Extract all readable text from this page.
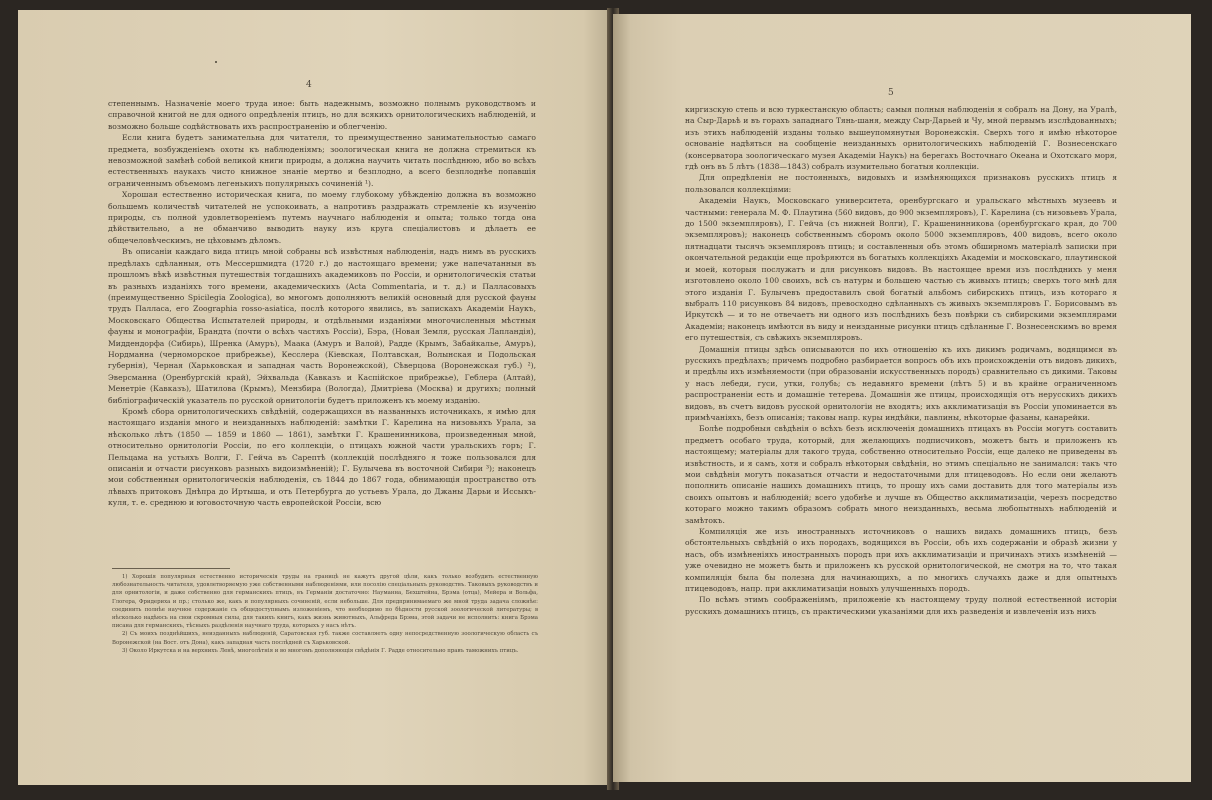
4

степеннымъ. Назначеніе моего труда иное: быть надежнымъ, возможно полнымъ руководствомъ и справочной книгой не для одного опредѣленія птицъ, но для всякихъ орнитологическихъ наблюденій, и возможно больше содѣйствовать ихъ распространенію и облегченію.

Если книга будетъ занимательна для читателя, то преимущественно занимательностью самаго предмета, возбужденіемъ охоты къ наблюденіямъ; зоологическая книга не должна стремиться къ невозможной замѣнѣ собой великой книги природы, а должна научить читать послѣднюю, ибо во всѣхъ естественныхъ наукахъ чисто книжное знаніе мертво и безплодно, а всего безплоднѣе попавшія ограниченнымъ объемомъ легенькихъ популярныхъ сочиненій ¹).

Хорошая естественно историческая книга, по моему глубокому убѣжденію должна въ возможно большемъ количествѣ читателей не успокоивать, а напротивъ раздражать стремленіе къ изученію природы, съ полной удовлетвореніемъ путемъ научнаго наблюденія и опыта; только тогда она дѣйствительно, а не обманчиво выводить науку изъ круга спеціалистовъ и дѣлаетъ ее общечеловѣческимъ, не цѣховымъ дѣломъ.

Въ описаніи каждаго вида птицъ мной собраны всѣ извѣстныя наблюденія, надъ нимъ въ русскихъ предѣлахъ сдѣланныя, отъ Мессершмидта (1720 г.) до настоящаго времени; уже напечатанныя въ прошломъ вѣкѣ извѣстныя путешествія тогдашнихъ академиковъ по Россіи, и орнитологическія статьи въ разныхъ изданіяхъ того времени, академическихъ (Acta Commentaria, и т. д.) и Палласовыхъ (преимущественно Spicilegia Zoologica), во многомъ дополняютъ великій основный для русской фауны трудъ Палласа, его Zoographia rosso-asiatica, послѣ которого явились, въ запискахъ Академіи Наукъ, Московскаго Общества Испытателей природы, и отдѣльными изданіями многочисленныя мѣстныя фауны и монографіи, Брандта (почти о всѣхъ частяхъ Россіи), Бэра, (Новая Земля, русская Лапландія), Миддендорфа (Сибирь), Шренка (Амуръ), Маака (Амуръ и Валой), Радде (Крымъ, Забайкалье, Амуръ), Нордманна (черноморское прибрежье), Кесслера (Кіевская, Полтавская, Волынская и Подольская губернія), Черная (Харьковская и западная часть Воронежской), Сѣверцова (Воронежская губ.) ²), Эверсманна (Оренбургскій край), Эйхвальда (Кавказъ и Каспійское прибрежье), Геблера (Алтай), Менетріе (Кавказъ), Шатилова (Крымъ), Мензбира (Вологда), Дмитріева (Москва) и другихъ; полный библіографическій указатель по русской орнитологіи будетъ приложенъ къ моему изданію.

Кромѣ сбора орнитологическихъ свѣдѣній, содержащихся въ названныхъ источникахъ, я имѣю для настоящаго изданія много и неизданныхъ наблюденій: замѣтки Г. Карелина на низовьяхъ Урала, за нѣсколько лѣтъ (1850 — 1859 и 1860 — 1861), замѣтки Г. Крашенинникова, произведенныя мной, относительно орнитологіи Россіи, по его коллекціи, о птицахъ южной части уральскихъ горъ; Г. Пельцама на устьяхъ Волги, Г. Гейча въ Сарептѣ (коллекцій послѣдняго я тоже пользовался для описанія и отчасти рисунковъ разныхъ видоизмѣненій); Г. Булычева въ восточной Сибири ³); наконецъ мои собственныя орнитологическія наблюденія, съ 1844 до 1867 года, обнимающія пространство отъ лѣвыхъ притоковъ Днѣпра до Иртыша, и отъ Петербурга до устьевъ Урала, до Джаны Дарьи и Иссыкъ-куля, т. е. среднюю и юговосточную часть европейской Россіи, всю

1) Хорошія популярныя естественно историческія труды на границѣ не кажутъ другой цѣли, какъ только возбудить естественную любознательность читателя, удовлетворяемую уже собственными наблюденіями, или посолію спеціальныхъ руководствъ. Таковыхъ руководствъ и для орнитологіи, и даже собственно для германскихъ птицъ, въ Германіи достаточно: Науманна, Бехштейна, Брэма (отца), Мейера и Вольфа, Глогера, Фридериха и пр.; столько же, какъ и популярныхъ сочиненій, если небольше. Для предпринимаемаго же мной труда задача сложнѣе: соединить полнѣе научное содержаніе съ общедоступнымъ изложеніемъ, что необходимо по бѣдности русской зоологической литературы; в нѣсколько надѣюсь на свои скромныя силы, для такихъ книгъ, какъ жизнь животныхъ, Альфреда Брэма, этой задачи не исполнить: книга Брэма писана для германскихъ, тѣсныхъ раздѣленія научнаго труда, которыхъ у насъ нѣтъ.

2) Съ моихъ позднѣйшихъ, неизданныхъ наблюденій, Саратовская губ. также составляетъ одну непосредственную зоологическую область съ Воронежской (на Вост. отъ Дона), какъ западная часть послѣдней съ Харьковской.

3) Около Иркутска и на верхнихъ Ленѣ, многолѣтнія и во многомъ дополняющія свѣдѣнія Г. Радде относительно правъ таможнихъ птицъ.

5

киргизскую степь и всю туркестанскую область; самыя полныя наблюденія я собралъ на Дону, на Уралѣ, на Сыр-Дарьѣ и въ горахъ западнаго Тянь-шаня, между Сыр-Дарьей и Чу, мной первымъ изслѣдованныхъ; изъ этихъ наблюденій изданы только вышеупомянутыя Воронежскія. Сверхъ того я имѣю нѣкоторое основаніе надѣяться на сообщеніе неизданныхъ орнитологическихъ наблюденій Г. Вознесенскаго (консерватора зоологическаго музея Академіи Наукъ) на берегахъ Восточнаго Океана и Охотскаго моря, гдѣ онъ въ 5 лѣтъ (1838—1843) собралъ изумительно богатыя коллекціи.

Для опредѣленія не постоянныхъ, видовыхъ и измѣняющихся признаковъ русскихъ птицъ я пользовался коллекціями:

Академіи Наукъ, Московскаго университета, оренбургскаго и уральскаго мѣстныхъ музеевъ и частными: генерала М. Ф. Плаутина (560 видовъ, до 900 экземпляровъ), Г. Карелина (съ низовьевъ Урала, до 1500 экземпляровъ), Г. Гейча (съ нижней Волги), Г. Крашенинникова (оренбургскаго края, до 700 экземпляровъ); наконецъ собственнымъ сборомъ около 5000 экземпляровъ, 400 видовъ, всего около пятнадцати тысячъ экземпляровъ птицъ; и составленныя объ этомъ обширномъ матеріалѣ записки при окончательной редакціи еще проѣряются въ богатыхъ коллекціяхъ Академіи и московскаго, плаутинской и моей, которыя послужатъ и для рисунковъ видовъ. Въ настоящее время изъ послѣднихъ у меня изготовлено около 100 своихъ, всѣ съ натуры и большею частью съ живыхъ птицъ; сверхъ того мнѣ для этого изданія Г. Булычевъ предоставилъ свой богатый альбомъ сибирскихъ птицъ, изъ котораго я выбралъ 110 рисунковъ 84 видовъ, превосходно сдѣланныхъ съ живыхъ экземпляровъ Г. Борисовымъ въ Иркутскѣ — и то не отвечаетъ ни одного изъ послѣднихъ безъ повѣрки съ сибирскими экземплярами Академіи; наконецъ имѣются въ виду и неизданные рисунки птицъ сдѣланные Г. Вознесенскимъ во время его путешествія, съ свѣжихъ экземпляровъ.

Домашнія птицы здѣсь описываются по ихъ отношенію къ ихъ дикимъ родичамъ, водящимся въ русскихъ предѣлахъ; причемъ подробно разбирается вопросъ объ ихъ происхожденіи отъ видовъ дикихъ, и предѣлы ихъ измѣняемости (при образованіи искусственныхъ породъ) сравнительно съ дикими. Таковы у насъ лебеди, гуси, утки, голубь; съ недавняго времени (лѣтъ 5) и въ крайне ограниченномъ распространеніи есть и домашніе тетерева. Домашнія же птицы, происходящія отъ нерусскихъ дикихъ видовъ, въ счетъ видовъ русской орнитологіи не входятъ; ихъ акклиматизація въ Россіи упоминается въ примѣчаніяхъ, безъ описанія; таковы напр. куры индѣйки, павлины, нѣкоторые фазаны, канарейки.

Болѣе подробныя свѣдѣнія о всѣхъ безъ исключенія домашнихъ птицахъ въ Россіи могутъ составить предметъ особаго труда, который, для желающихъ подписчиковъ, можетъ быть и приложенъ къ настоящему; матеріалы для такого труда, собственно относительно Россіи, еще далеко не приведены въ извѣстность, и я самъ, хотя и собралъ нѣкоторыя свѣдѣнія, но этимъ спеціально не занимался: такъ что мои свѣдѣнія могутъ показаться отчасти и недостаточными для птицеводовъ. Но если они желаютъ пополнить описаніе нашихъ домашнихъ птицъ, то прошу ихъ сами доставить для того матеріалы изъ своихъ опытовъ и наблюденій; всего удобнѣе и лучше въ Общество акклиматизаціи, черезъ посредство котораго можно такимъ образомъ собрать много неизданныхъ, весьма любопытныхъ наблюденій и замѣтокъ.

Компиляція же изъ иностранныхъ источниковъ о нашихъ видахъ домашнихъ птицъ, безъ обстоятельныхъ свѣдѣній о ихъ породахъ, водящихся въ Россіи, объ ихъ содержаніи и образѣ жизни у насъ, объ измѣненіяхъ иностранныхъ породъ при ихъ акклиматизаціи и причинахъ этихъ измѣненій — уже очевидно не можетъ быть и приложенъ къ русской орнитологической, не смотря на то, что такая компиляція была бы полезна для начинающихъ, а по многихъ случаяхъ даже и для опытныхъ птицеводовъ, напр. при акклиматизаціи новыхъ улучшенныхъ породъ.

По всѣмъ этимъ соображеніямъ, приложеніе къ настоящему труду полной естественной исторіи русскихъ домашнихъ птицъ, съ практическими указаніями для ихъ разведенія и извлеченія изъ нихъ
